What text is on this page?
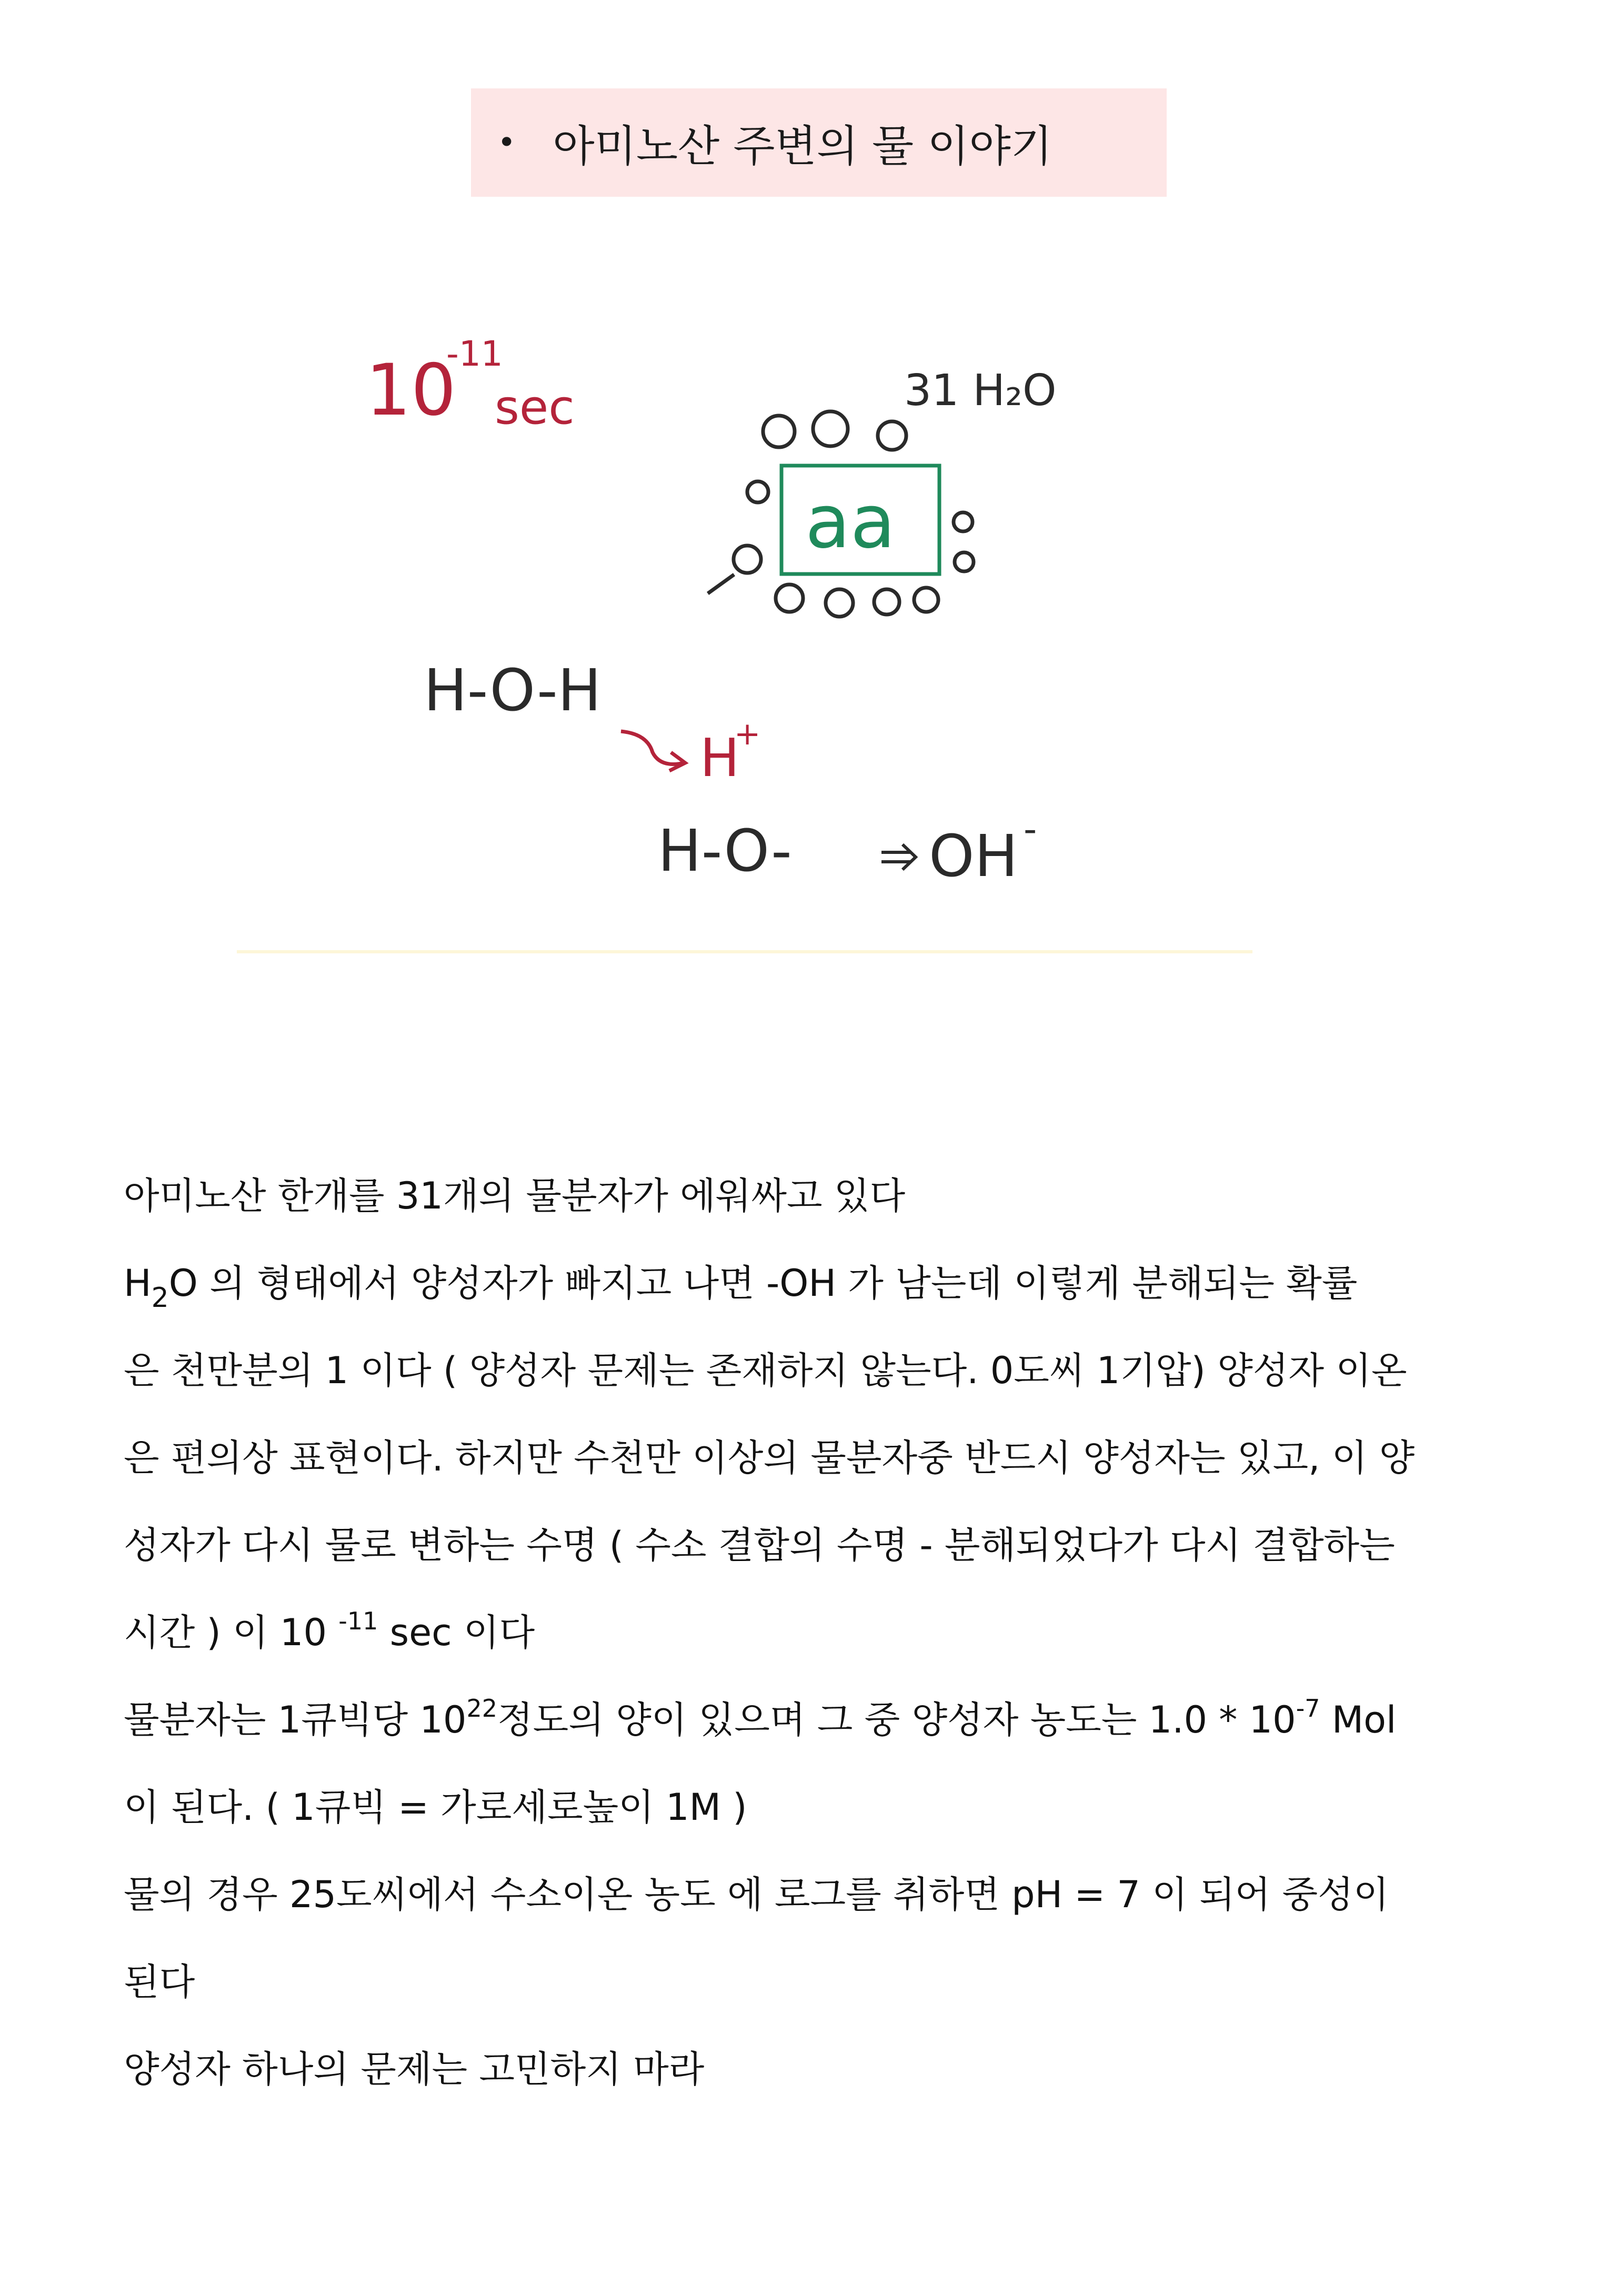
• 아미노산 주변의 물 이야기
10
-11
sec	31 H₂O
aa
H-O-H
H
+
H-O- OH -

아미노산 한개를 31개의 물분자가 에워싸고 있다

$H_2O$ 의 형태에서 양성자가 빠지고 나면 -OH 가 남는데 이렇게 분해되는 확률

은 천만분의 1 이다 ( 양성자 문제는 존재하지 않는다. 0도씨 1기압) 양성자 이온

은 편의상 표현이다. 하지만 수천만 이상의 물분자중 반드시 양성자는 있고, 이 양

성자가 다시 물로 변하는 수명 ( 수소 결합의 수명 - 분해되었다가 다시 결합하는

시간 ) 이 10 $^{-11}$ sec 이다

물분자는 1큐빅당 $10^{22}$정도의 양이 있으며 그 중 양성자 농도는 $1.0 * 10^{-7}$ Mol

이 된다. ( 1큐빅 = 가로세로높이 1M )

물의 경우 25도씨에서 수소이온 농도 에 로그를 취하면 pH = 7 이 되어 중성이

된다

양성자 하나의 문제는 고민하지 마라
